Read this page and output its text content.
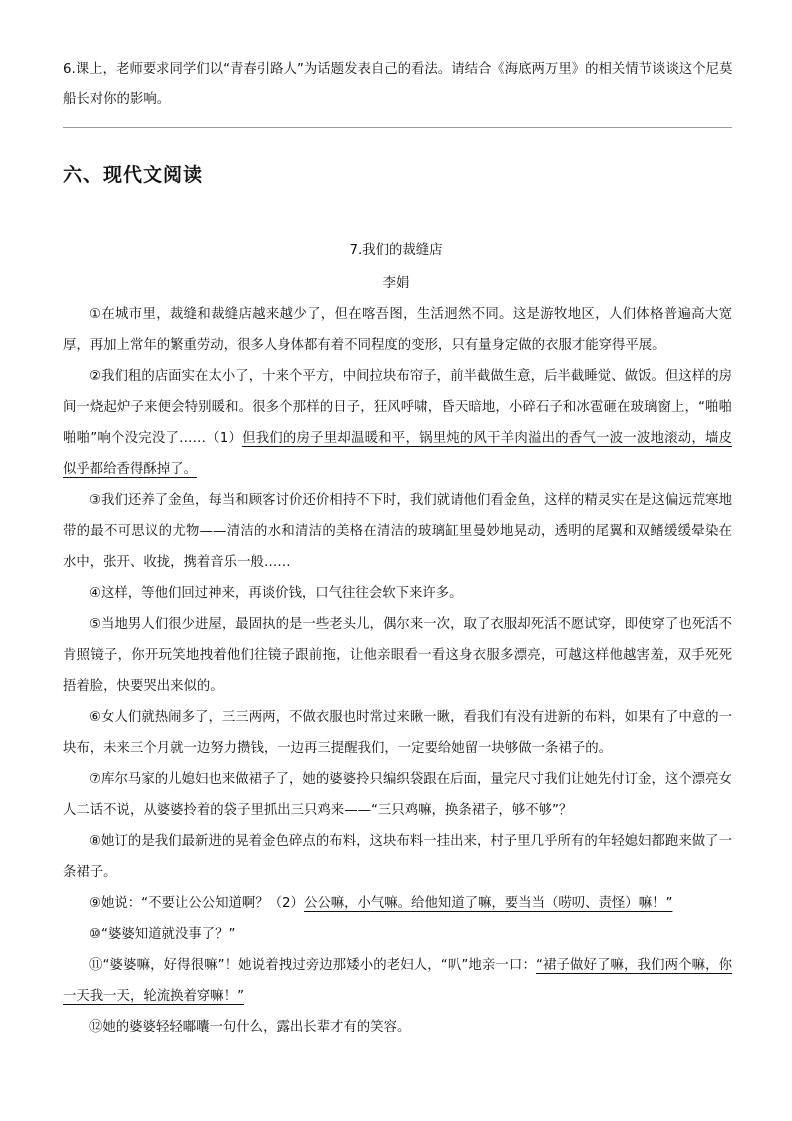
6.课上，老师要求同学们以“青春引路人”为话题发表自己的看法。请结合《海底两万里》的相关情节谈谈这个尼莫船长对你的影响。
六、现代文阅读
7.我们的裁缝店
李娟

①在城市里，裁缝和裁缝店越来越少了，但在喀吾图，生活迥然不同。这是游牧地区，人们体格普遍高大宽厚，再加上常年的繁重劳动，很多人身体都有着不同程度的变形，只有量身定做的衣服才能穿得平展。

②我们租的店面实在太小了，十来个平方，中间拉块布帘子，前半截做生意，后半截睡觉、做饭。但这样的房间一烧起炉子来便会特别暖和。很多个那样的日子，狂风呼啸，昏天暗地，小碎石子和冰雹砸在玻璃窗上，“啪啪啪啪”响个没完没了……（1）但我们的房子里却温暖和平，锅里炖的风干羊肉溢出的香气一波一波地滚动，墙皮似乎都给香得酥掉了。

③我们还养了金鱼，每当和顾客讨价还价相持不下时，我们就请他们看金鱼，这样的精灵实在是这偏远荒寒地带的最不可思议的尤物——清洁的水和清洁的美格在清洁的玻璃缸里曼妙地晃动，透明的尾翼和双鳍缓缓晕染在水中，张开、收拢，携着音乐一般……

④这样，等他们回过神来，再谈价钱，口气往往会软下来许多。

⑤当地男人们很少进屋，最固执的是一些老头儿，偶尔来一次，取了衣服却死活不愿试穿，即使穿了也死活不肯照镜子，你开玩笑地拽着他们往镜子跟前拖，让他亲眼看一看这身衣服多漂亮，可越这样他越害羞，双手死死捂着脸，快要哭出来似的。

⑥女人们就热闹多了，三三两两，不做衣服也时常过来瞅一瞅，看我们有没有进新的布料，如果有了中意的一块布，未来三个月就一边努力攒钱，一边再三提醒我们，一定要给她留一块够做一条裙子的。

⑦库尔马家的儿媳妇也来做裙子了，她的婆婆拎只编织袋跟在后面，量完尺寸我们让她先付订金，这个漂亮女人二话不说，从婆婆拎着的袋子里抓出三只鸡来——“三只鸡嘛，换条裙子，够不够”？

⑧她订的是我们最新进的晃着金色碎点的布料，这块布料一挂出来，村子里几乎所有的年轻媳妇都跑来做了一条裙子。

⑨她说：“不要让公公知道啊？（2）公公嘛，小气嘛。给他知道了嘛，要当当（唠叨、责怪）嘛！”

⑩“婆婆知道就没事了？”

⑪“婆婆嘛，好得很嘛”！她说着拽过旁边那矮小的老妇人，“叭”地亲一口：“裙子做好了嘛，我们两个嘛，你一天我一天，轮流换着穿嘛！”

⑫她的婆婆轻轻嘟囔一句什么，露出长辈才有的笑容。
